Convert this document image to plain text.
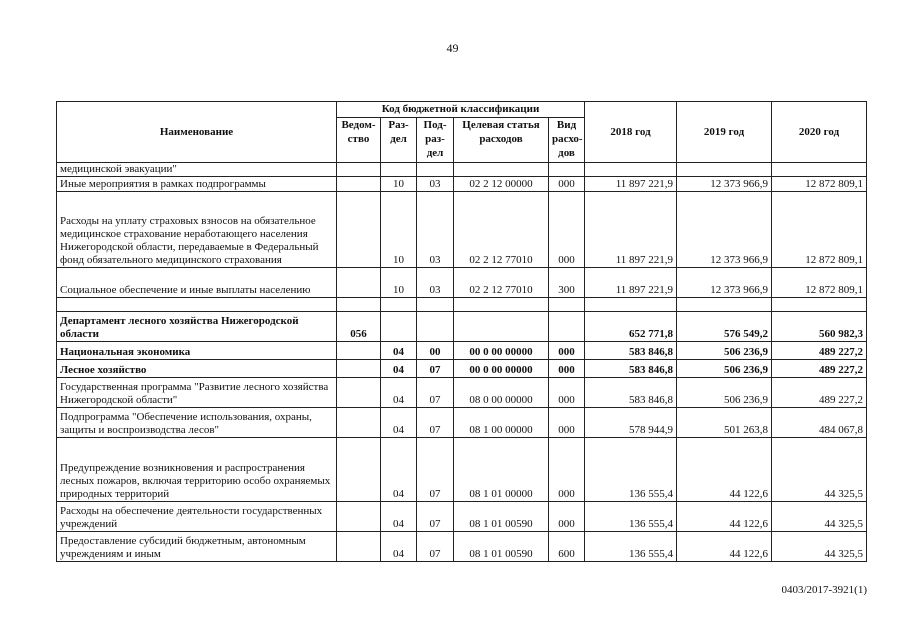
49
Наименование	Код бюджетной классификации					2018 год	2019 год	2020 год
	Ведом-ство	Раз-дел	Под-раз-дел	Целевая статья расходов	Вид расхо-дов			
медицинской эвакуации"								
Иные мероприятия в рамках подпрограммы		10	03	02 2 12 00000	000	11 897 221,9	12 373 966,9	12 872 809,1
Расходы на уплату страховых взносов на обязательное медицинское страхование неработающего населения Нижегородской области, передаваемые в Федеральный фонд обязательного медицинского страхования		10	03	02 2 12 77010	000	11 897 221,9	12 373 966,9	12 872 809,1
Социальное обеспечение и иные выплаты населению		10	03	02 2 12 77010	300	11 897 221,9	12 373 966,9	12 872 809,1

Департамент лесного хозяйства Нижегородской области	056					652 771,8	576 549,2	560 982,3
Национальная экономика		04	00	00 0 00 00000	000	583 846,8	506 236,9	489 227,2
Лесное хозяйство		04	07	00 0 00 00000	000	583 846,8	506 236,9	489 227,2
Государственная программа "Развитие лесного хозяйства Нижегородской области"		04	07	08 0 00 00000	000	583 846,8	506 236,9	489 227,2
Подпрограмма "Обеспечение использования, охраны, защиты и воспроизводства лесов"		04	07	08 1 00 00000	000	578 944,9	501 263,8	484 067,8
Предупреждение возникновения и распространения лесных пожаров, включая территорию особо охраняемых природных территорий		04	07	08 1 01 00000	000	136 555,4	44 122,6	44 325,5
Расходы на обеспечение деятельности государственных учреждений		04	07	08 1 01 00590	000	136 555,4	44 122,6	44 325,5
Предоставление субсидий бюджетным, автономным учреждениям и иным		04	07	08 1 01 00590	600	136 555,4	44 122,6	44 325,5
0403/2017-3921(1)
